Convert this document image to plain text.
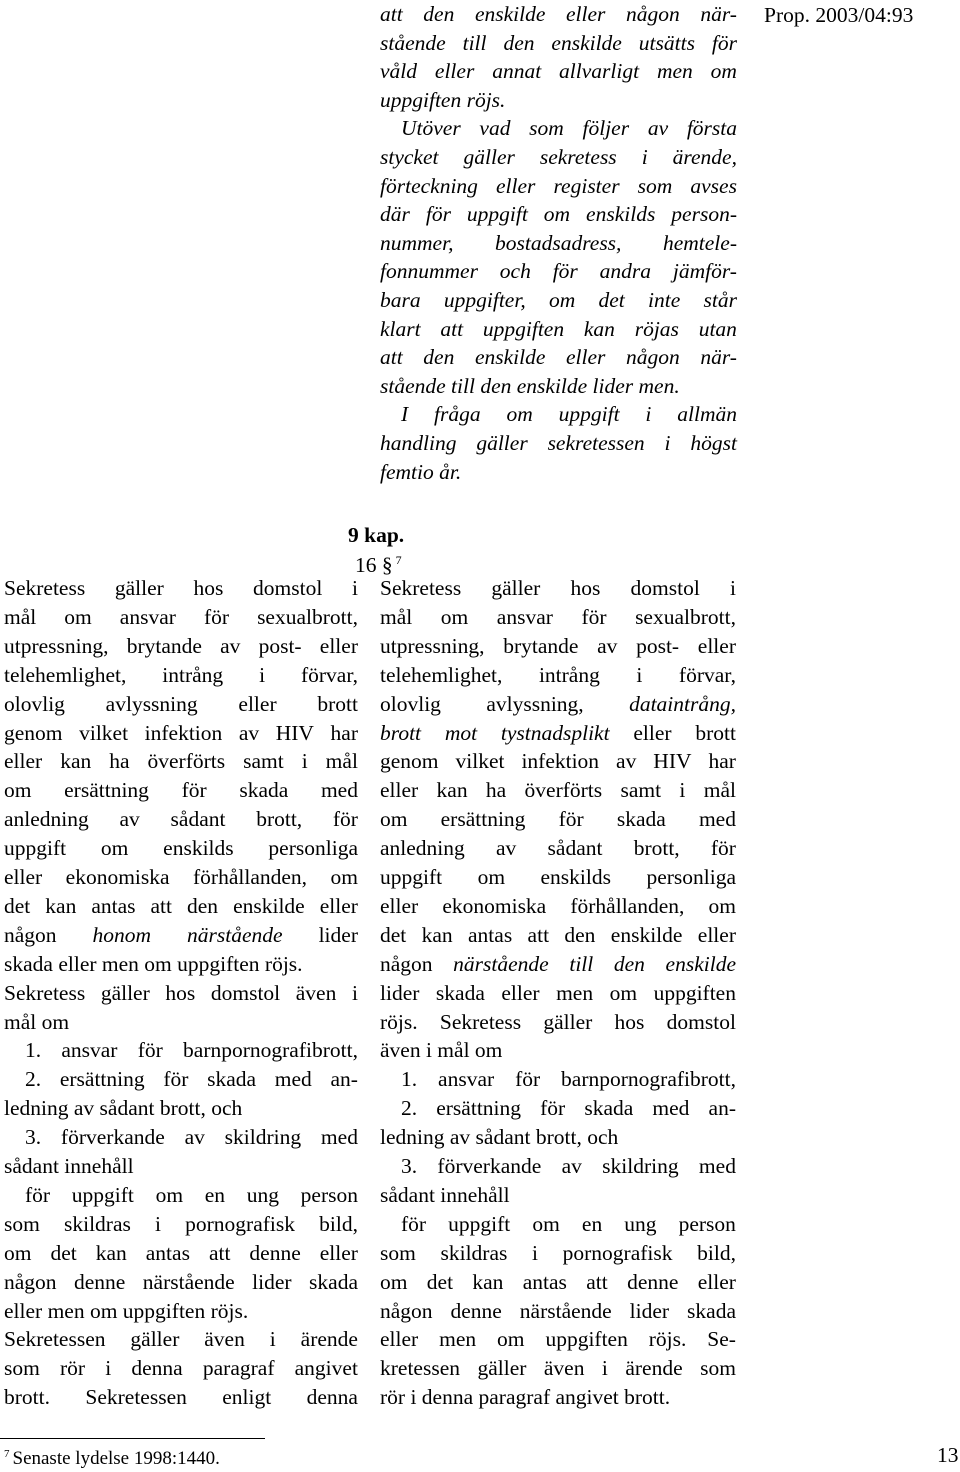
Prop. 2003/04:93
att den enskilde eller någon när-
stående till den enskilde utsätts för
våld eller annat allvarligt men om
uppgiften röjs.
Utöver vad som följer av första
stycket gäller sekretess i ärende,
förteckning eller register som avses
där för uppgift om enskilds person-
nummer, bostadsadress, hemtele-
fonnummer och för andra jämför-
bara uppgifter, om det inte står
klart att uppgiften kan röjas utan
att den enskilde eller någon när-
stående till den enskilde lider men.
I fråga om uppgift i allmän
handling gäller sekretessen i högst
femtio år.
9 kap.
16 § $^7$
Sekretess gäller hos domstol i
mål om ansvar för sexualbrott,
utpressning, brytande av post- eller
telehemlighet, intrång i förvar,
olovlig avlyssning eller brott
genom vilket infektion av HIV har
eller kan ha överförts samt i mål
om ersättning för skada med
anledning av sådant brott, för
uppgift om enskilds personliga
eller ekonomiska förhållanden, om
det kan antas att den enskilde eller
någon honom närstående lider
skada eller men om uppgiften röjs.
Sekretess gäller hos domstol även i
mål om
1. ansvar för barnpornografibrott,
2. ersättning för skada med an-
ledning av sådant brott, och
3. förverkande av skildring med
sådant innehåll
för uppgift om en ung person
som skildras i pornografisk bild,
om det kan antas att denne eller
någon denne närstående lider skada
eller men om uppgiften röjs.
Sekretessen gäller även i ärende
som rör i denna paragraf angivet
brott. Sekretessen enligt denna
Sekretess gäller hos domstol i
mål om ansvar för sexualbrott,
utpressning, brytande av post- eller
telehemlighet, intrång i förvar,
olovlig avlyssning, dataintrång,
brott mot tystnadsplikt eller brott
genom vilket infektion av HIV har
eller kan ha överförts samt i mål
om ersättning för skada med
anledning av sådant brott, för
uppgift om enskilds personliga
eller ekonomiska förhållanden, om
det kan antas att den enskilde eller
någon närstående till den enskilde
lider skada eller men om uppgiften
röjs. Sekretess gäller hos domstol
även i mål om
1. ansvar för barnpornografibrott,
2. ersättning för skada med an-
ledning av sådant brott, och
3. förverkande av skildring med
sådant innehåll
för uppgift om en ung person
som skildras i pornografisk bild,
om det kan antas att denne eller
någon denne närstående lider skada
eller men om uppgiften röjs. Se-
kretessen gäller även i ärende som
rör i denna paragraf angivet brott.
$^7$ Senaste lydelse 1998:1440.	13
